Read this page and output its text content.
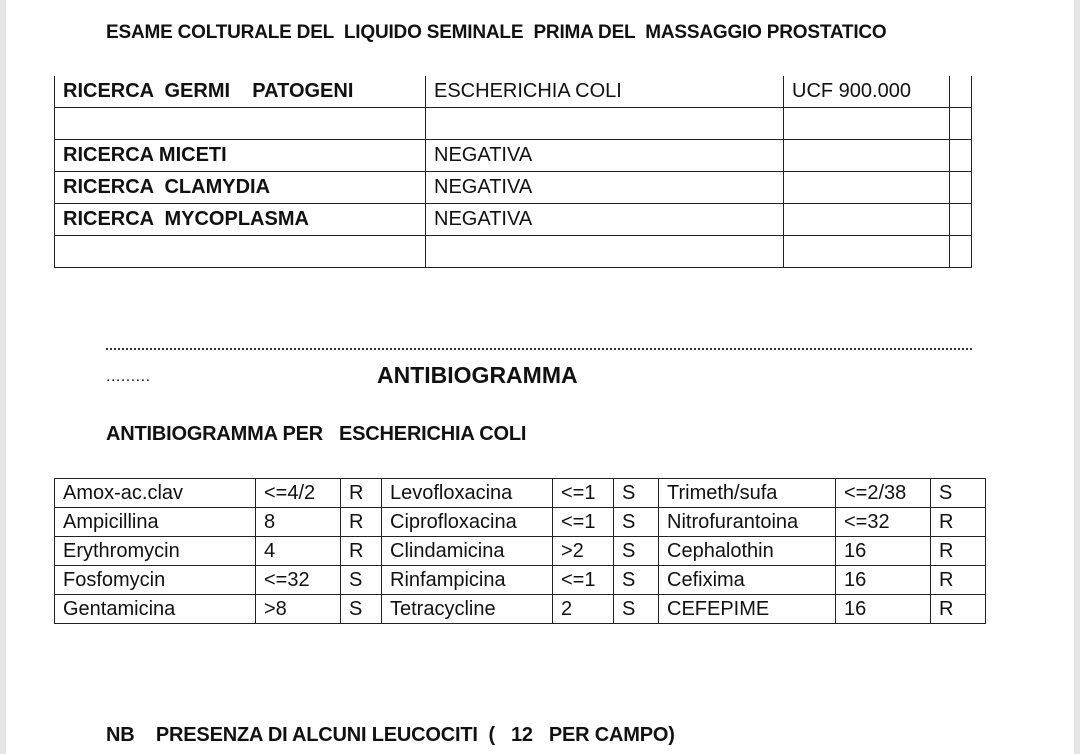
ESAME COLTURALE DEL  LIQUIDO SEMINALE  PRIMA DEL  MASSAGGIO PROSTATICO
RICERCA  GERMI    PATOGENI	ESCHERICHIA COLI	UCF 900.000	

RICERCA MICETI	NEGATIVA		
RICERCA  CLAMYDIA	NEGATIVA		
RICERCA  MYCOPLASMA	NEGATIVA		

.........	ANTIBIOGRAMMA
ANTIBIOGRAMMA PER   ESCHERICHIA COLI
Amox-ac.clav	<=4/2	R	Levofloxacina	<=1	S	Trimeth/sufa	<=2/38	S
Ampicillina	8	R	Ciprofloxacina	<=1	S	Nitrofurantoina	<=32	R
Erythromycin	4	R	Clindamicina	>2	S	Cephalothin	16	R
Fosfomycin	<=32	S	Rinfampicina	<=1	S	Cefixima	16	R
Gentamicina	>8	S	Tetracycline	2	S	CEFEPIME	16	R
NB    PRESENZA DI ALCUNI LEUCOCITI  (   12   PER CAMPO)
